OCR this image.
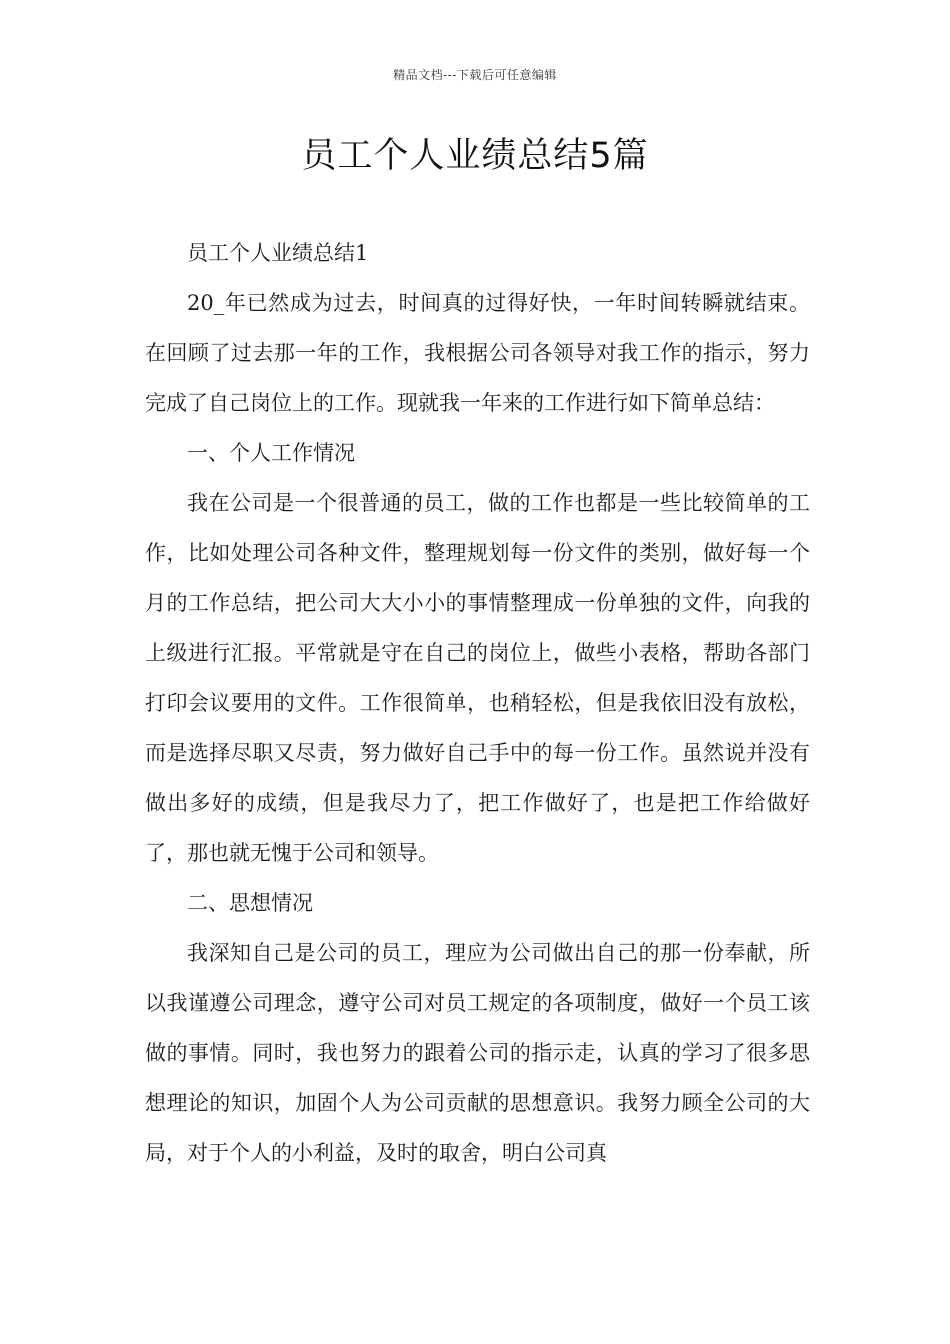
精品文档---下载后可任意编辑
员工个人业绩总结5篇

员工个人业绩总结1

20_年已然成为过去，时间真的过得好快，一年时间转瞬就结束。在回顾了过去那一年的工作，我根据公司各领导对我工作的指示，努力完成了自己岗位上的工作。现就我一年来的工作进行如下简单总结：

一、个人工作情况

我在公司是一个很普通的员工，做的工作也都是一些比较简单的工作，比如处理公司各种文件，整理规划每一份文件的类别，做好每一个月的工作总结，把公司大大小小的事情整理成一份单独的文件，向我的上级进行汇报。平常就是守在自己的岗位上，做些小表格，帮助各部门打印会议要用的文件。工作很简单，也稍轻松，但是我依旧没有放松，而是选择尽职又尽责，努力做好自己手中的每一份工作。虽然说并没有做出多好的成绩，但是我尽力了，把工作做好了，也是把工作给做好了，那也就无愧于公司和领导。

二、思想情况

我深知自己是公司的员工，理应为公司做出自己的那一份奉献，所以我谨遵公司理念，遵守公司对员工规定的各项制度，做好一个员工该做的事情。同时，我也努力的跟着公司的指示走，认真的学习了很多思想理论的知识，加固个人为公司贡献的思想意识。我努力顾全公司的大局，对于个人的小利益，及时的取舍，明白公司真
